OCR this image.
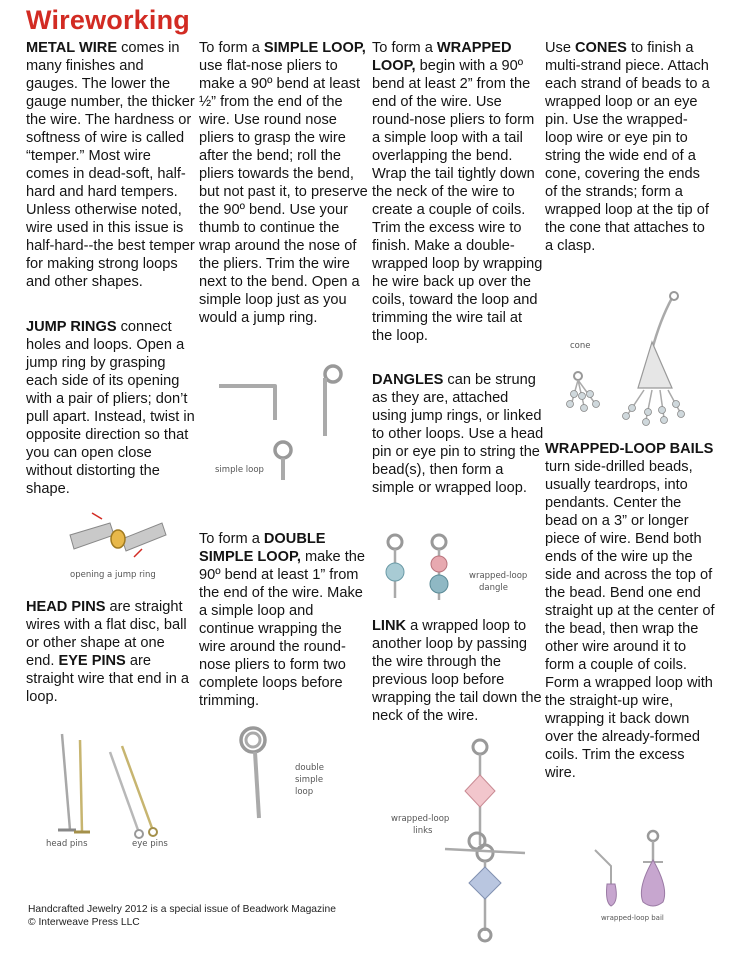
Wireworking

METAL WIRE comes in many finishes and gauges. The lower the gauge number, the thicker the wire. The hardness or softness of wire is called “temper.” Most wire comes in dead-soft, half-hard and hard tempers. Unless otherwise noted, wire used in this issue is half-hard--the best temper for making strong loops and other shapes.

JUMP RINGS connect holes and loops. Open a jump ring by grasping each side of its opening with a pair of pliers; don’t pull apart. Instead, twist in opposite direction so that you can open close without distorting the shape.

opening a jump ring

HEAD PINS are straight wires with a flat disc, ball or other shape at one end. EYE PINS are straight wire that end in a loop.

head pins	eye pins

To form a SIMPLE LOOP, use flat-nose pliers to make a 90º bend at least ½” from the end of the wire. Use round nose pliers to grasp the wire after the bend; roll the pliers towards the bend, but not past it, to preserve the 90º bend. Use your thumb to continue the wrap around the nose of the pliers. Trim the wire next to the bend. Open a simple loop just as you would a jump ring.

simple loop

To form a DOUBLE SIMPLE LOOP, make the 90º bend at least 1” from the end of the wire. Make a simple loop and continue wrapping the wire around the round-nose pliers to form two complete loops before trimming.

double
simple
loop

To form a WRAPPED LOOP, begin with a 90º bend at least 2” from the end of the wire. Use round-nose pliers to form a simple loop with a tail overlapping the bend. Wrap the tail tightly down the neck of the wire to create a couple of coils. Trim the excess wire to finish. Make a double-wrapped loop by wrapping he wire back up over the coils, toward the loop and trimming the wire tail at the loop.

DANGLES can be strung as they are, attached using jump rings, or linked to other loops. Use a head pin or eye pin to string the bead(s), then form a simple or wrapped loop.

wrapped-loop
dangle

LINK a wrapped loop to another loop by passing the wire through the previous loop before wrapping the tail down the neck of the wire.

wrapped-loop
links

Use CONES to finish a multi-strand piece. Attach each strand of beads to a wrapped loop or an eye pin. Use the wrapped-loop wire or eye pin to string the wide end of a cone, covering the ends of the strands; form a wrapped loop at the tip of the cone that attaches to a clasp.

cone

WRAPPED-LOOP BAILS turn side-drilled beads, usually teardrops, into pendants. Center the bead on a 3” or longer piece of wire. Bend both ends of the wire up the side and across the top of the bead. Bend one end straight up at the center of the bead, then wrap the other wire around it to form a couple of coils. Form a wrapped loop with the straight-up wire, wrapping it back down over the already-formed coils. Trim the excess wire.

wrapped-loop bail
Handcrafted Jewelry 2012 is a special issue of Beadwork Magazine
© Interweave Press LLC
